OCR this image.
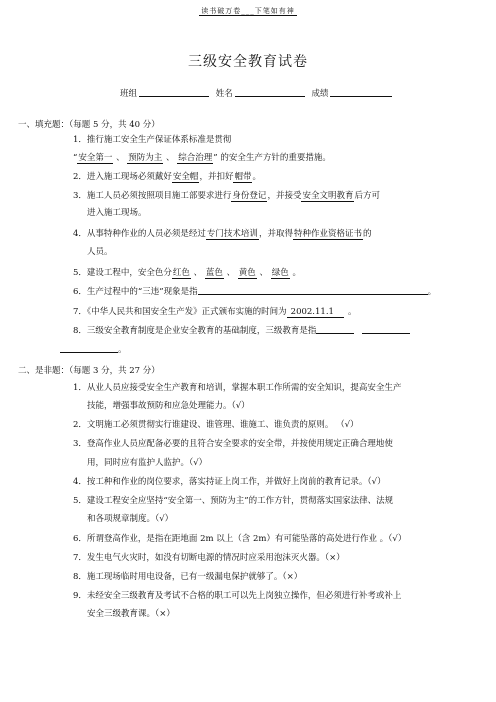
读书破万卷___下笔如有神
三级安全教育试卷
班组	姓名	成绩
一、填充题：（每题 5 分，共 40 分）
1．推行施工安全生产保证体系标准是贯彻
“安全第一 、 预防为主 、 综合治理” 的安全生产方针的重要措施。
2．进入施工现场必须戴好安全帽，并扣好帽带。
3．施工人员必须按照项目施工部要求进行身份登记，并接受安全文明教育后方可
进入施工现场。
4．从事特种作业的人员必须是经过专门技术培训，并取得特种作业资格证书的
人员。
5．建设工程中，安全色分红色 、 蓝色 、 黄色 、 绿色 。
6．生产过程中的“三违”现象是指	。
7．《中华人民共和国安全生产发》正式颁布实施的时间为 2002.11.1 。
8．三级安全教育制度是企业安全教育的基础制度，三级教育是指
。
二、是非题：（每题 3 分，共 27 分）
1．从业人员应接受安全生产教育和培训，掌握本职工作所需的安全知识，提高安全生产
技能，增强事故预防和应急处理能力。（√）
2．文明施工必须贯彻实行谁建设、谁管理、谁施工、谁负责的原则。 （√）
3．登高作业人员应配备必要的且符合安全要求的安全带，并按使用规定正确合理地使
用，同时应有监护人监护。（√）
4．按工种和作业的岗位要求，落实持证上岗工作，并做好上岗前的教育记录。（√）
5．建设工程安全应坚持“安全第一、预防为主”的工作方针，贯彻落实国家法律、法规
和各项规章制度。（√）
6．所谓登高作业，是指在距地面 2m 以上（含 2m）有可能坠落的高处进行作业 。（√）
7．发生电气火灾时，如没有切断电源的情况时应采用泡沫灭火器。（×）
8．施工现场临时用电设备，已有一级漏电保护就够了。（×）
9．未经安全三级教育及考试不合格的职工可以先上岗独立操作，但必须进行补考或补上
安全三级教育课。（×）
